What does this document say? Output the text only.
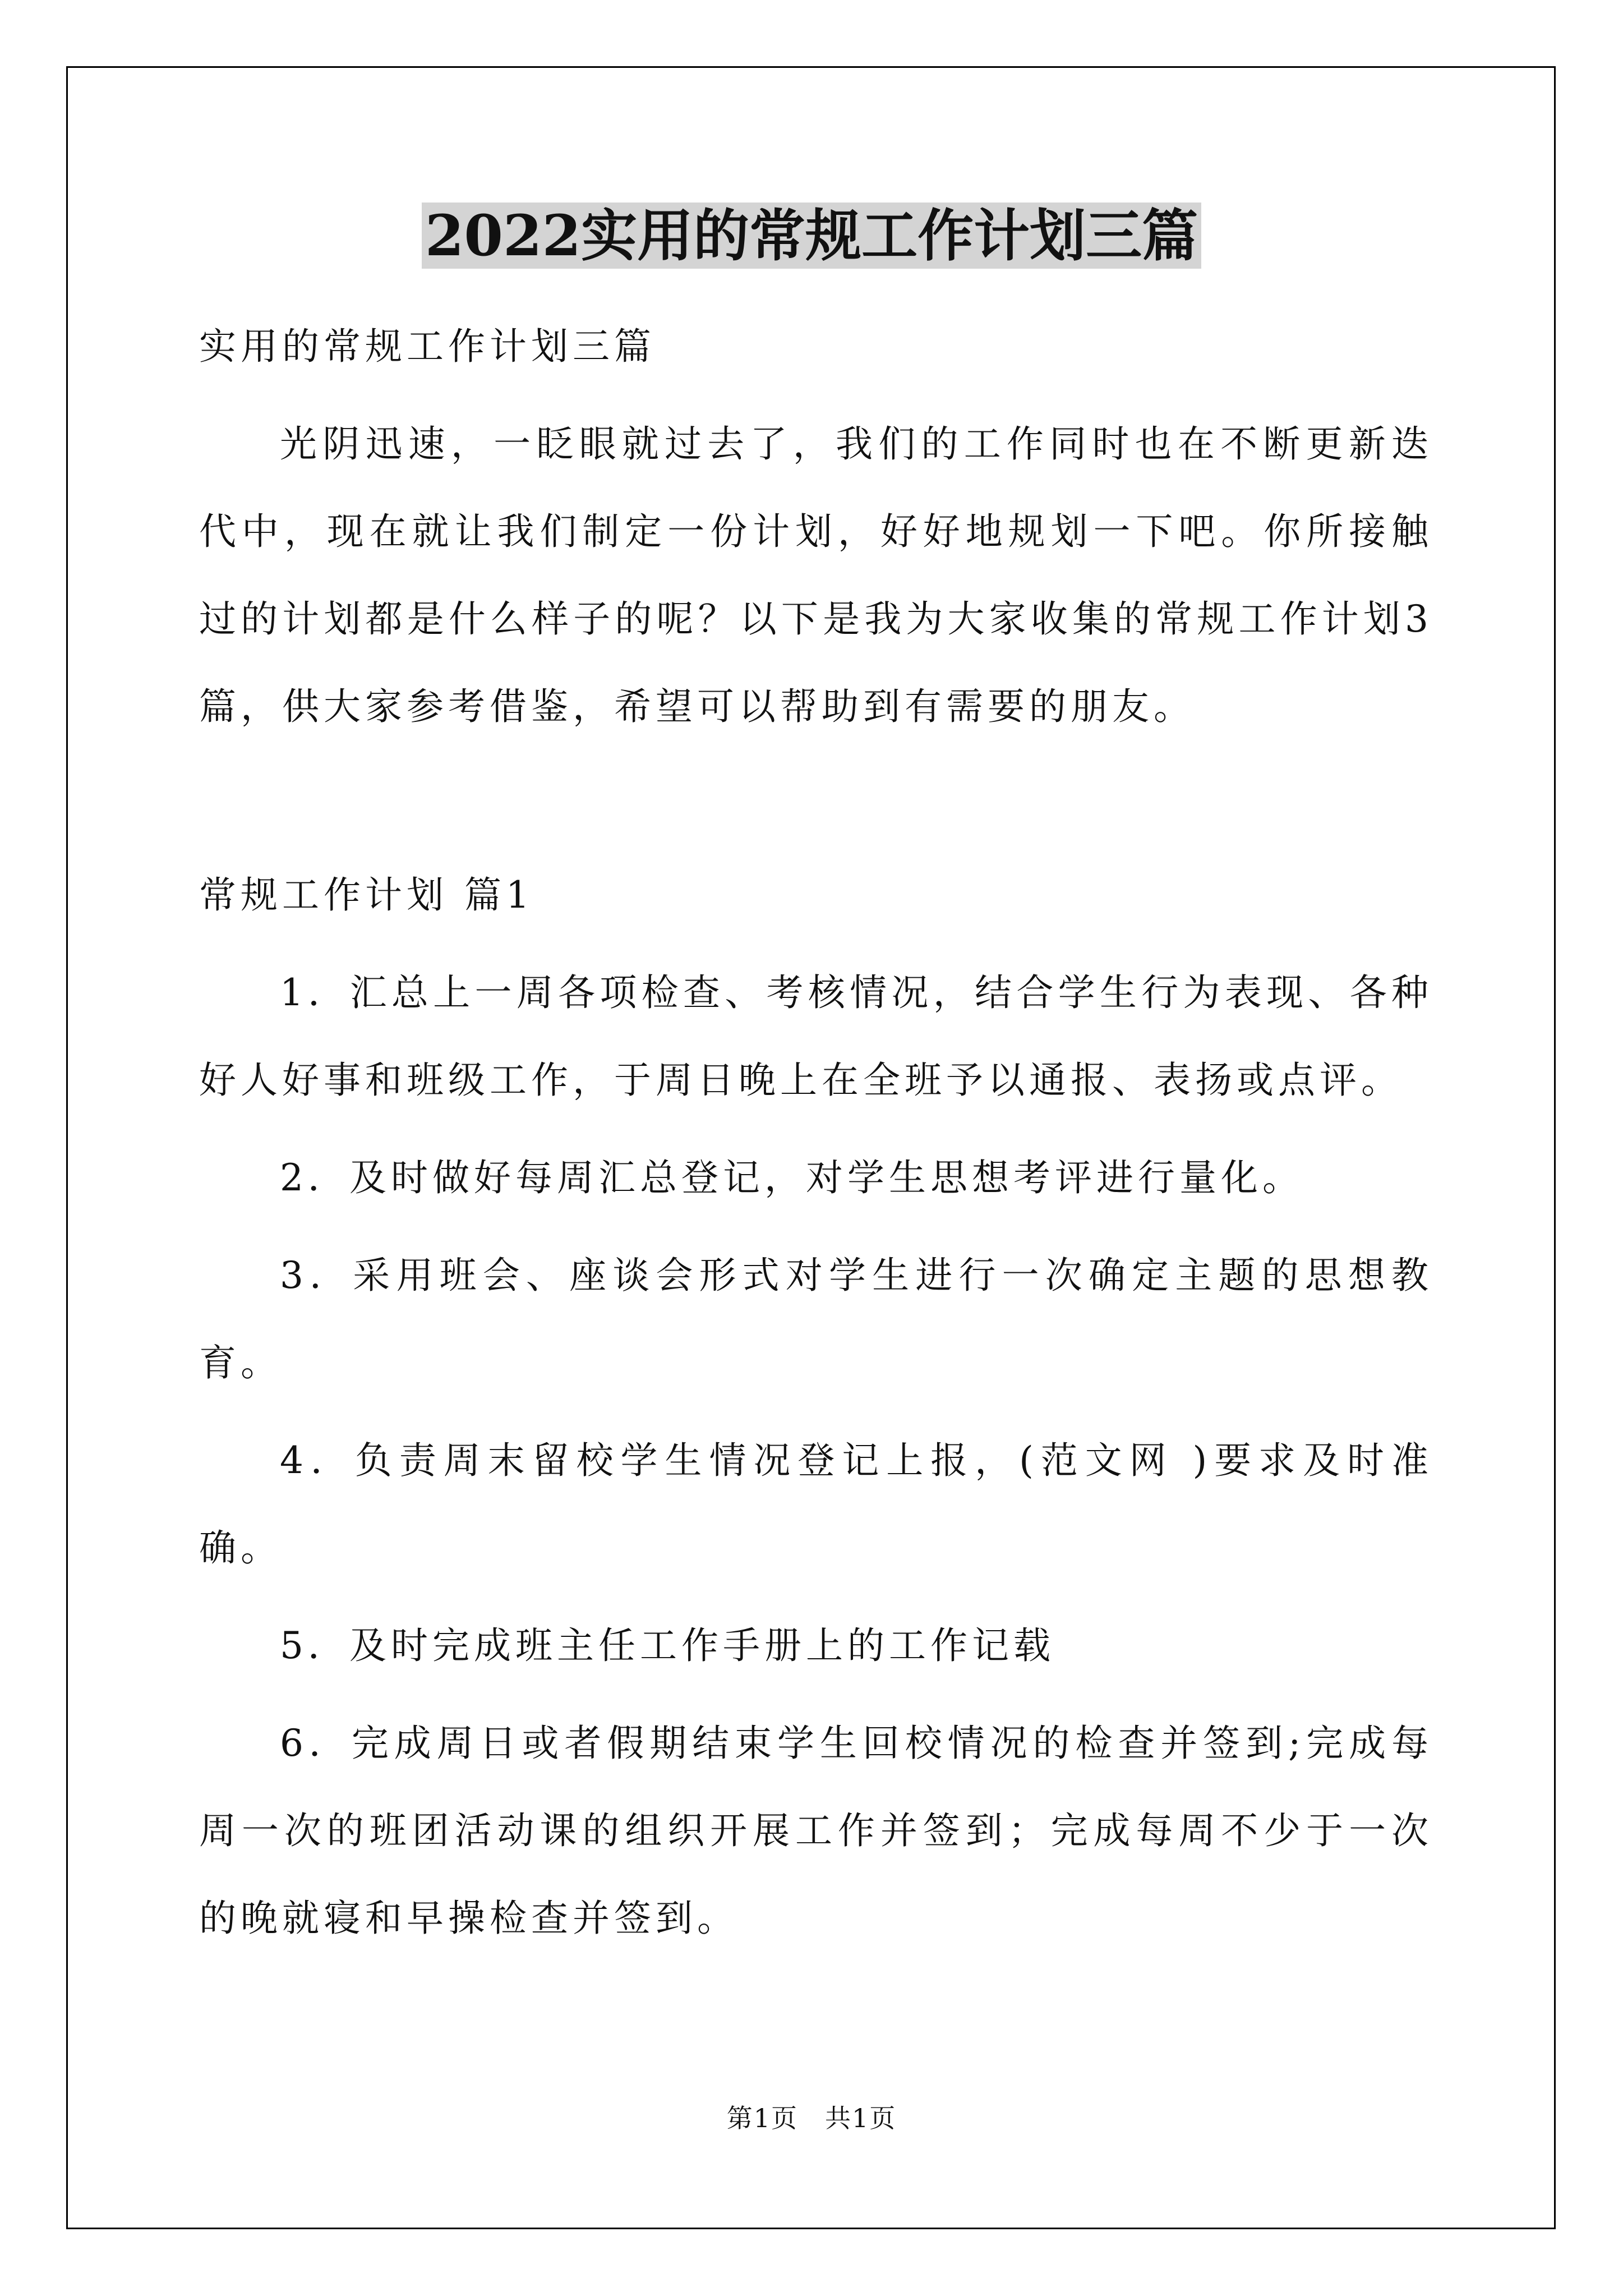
2022实用的常规工作计划三篇

实用的常规工作计划三篇

光阴迅速，一眨眼就过去了，我们的工作同时也在不断更新迭代中，现在就让我们制定一份计划，好好地规划一下吧。你所接触过的计划都是什么样子的呢？以下是我为大家收集的常规工作计划3篇，供大家参考借鉴，希望可以帮助到有需要的朋友。

常规工作计划 篇1

1．汇总上一周各项检查、考核情况，结合学生行为表现、各种好人好事和班级工作，于周日晚上在全班予以通报、表扬或点评。

2．及时做好每周汇总登记，对学生思想考评进行量化。

3．采用班会、座谈会形式对学生进行一次确定主题的思想教育。

4．负责周末留校学生情况登记上报，(范文网 )要求及时准确。

5．及时完成班主任工作手册上的工作记载

6．完成周日或者假期结束学生回校情况的检查并签到;完成每周一次的班团活动课的组织开展工作并签到；完成每周不少于一次的晚就寝和早操检查并签到。

第1页　共1页
